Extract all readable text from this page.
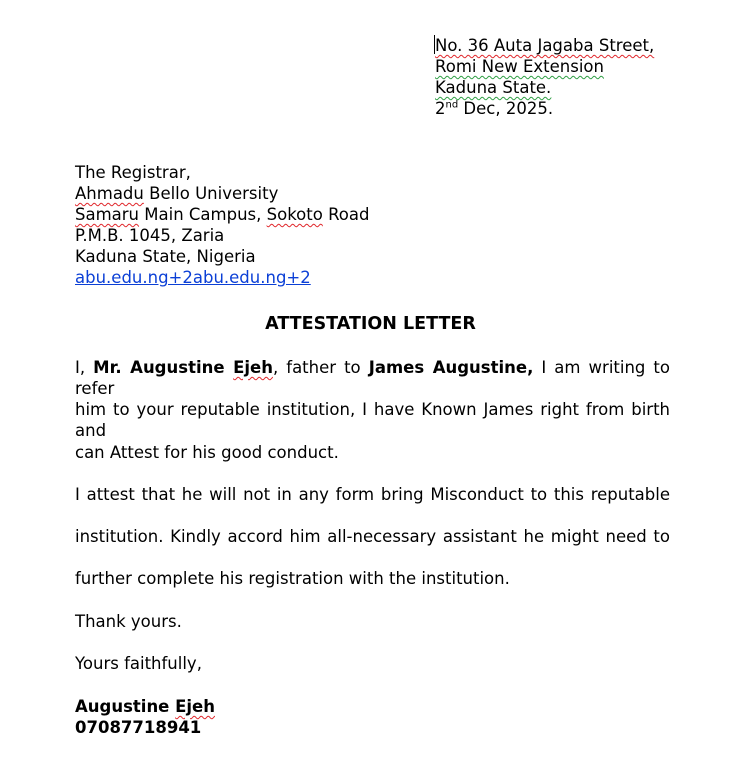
No. 36 Auta Jagaba Street,
Romi New Extension
Kaduna State.
2nd Dec, 2025.
The Registrar,
Ahmadu Bello University
Samaru Main Campus, Sokoto Road
P.M.B. 1045, Zaria
Kaduna State, Nigeria
abu.edu.ng+2abu.edu.ng+2
ATTESTATION LETTER
I, Mr. Augustine Ejeh, father to James Augustine, I am writing to refer
him to your reputable institution, I have Known James right from birth and
can Attest for his good conduct.
I attest that he will not in any form bring Misconduct to this reputable
institution. Kindly accord him all-necessary assistant he might need to
further complete his registration with the institution.
Thank yours.
Yours faithfully,
Augustine Ejeh
07087718941
